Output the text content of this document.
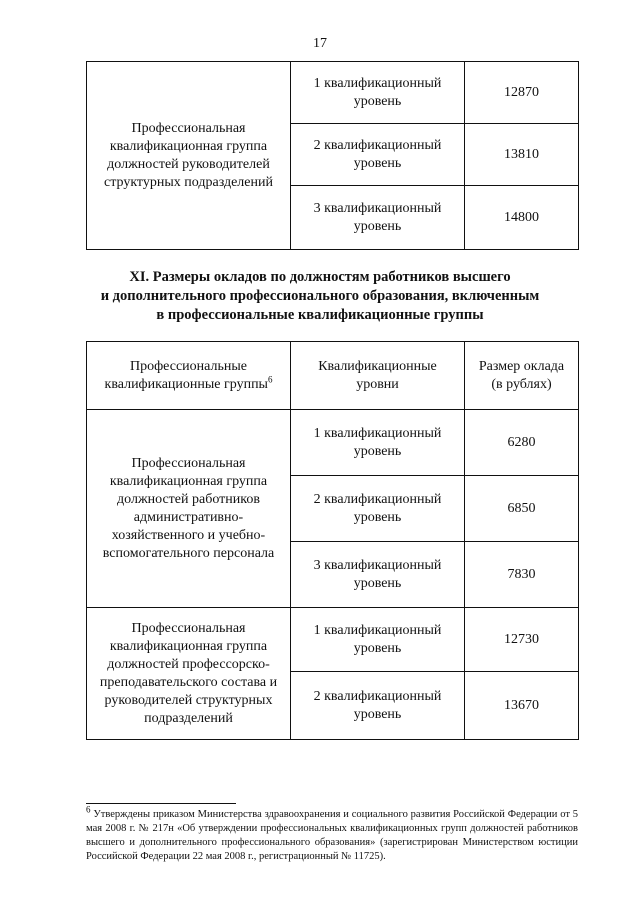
17
Профессиональная квалификационная группа должностей руководителей структурных подразделений	1 квалификационный уровень	12870
	2 квалификационный уровень	13810
	3 квалификационный уровень	14800
XI. Размеры окладов по должностям работников высшего
и дополнительного профессионального образования, включенным
в профессиональные квалификационные группы
Профессиональные квалификационные группы$^6$	Квалификационные уровни	Размер оклада (в рублях)
Профессиональная квалификационная группа должностей работников административно-хозяйственного и учебно-вспомогательного персонала	1 квалификационный уровень	6280
	2 квалификационный уровень	6850
	3 квалификационный уровень	7830
Профессиональная квалификационная группа должностей профессорско-преподавательского состава и руководителей структурных подразделений	1 квалификационный уровень	12730
	2 квалификационный уровень	13670
$^6$ Утверждены приказом Министерства здравоохранения и социального развития Российской Федерации от 5 мая 2008 г. № 217н «Об утверждении профессиональных квалификационных групп должностей работников высшего и дополнительного профессионального образования» (зарегистрирован Министерством юстиции Российской Федерации 22 мая 2008 г., регистрационный № 11725).
